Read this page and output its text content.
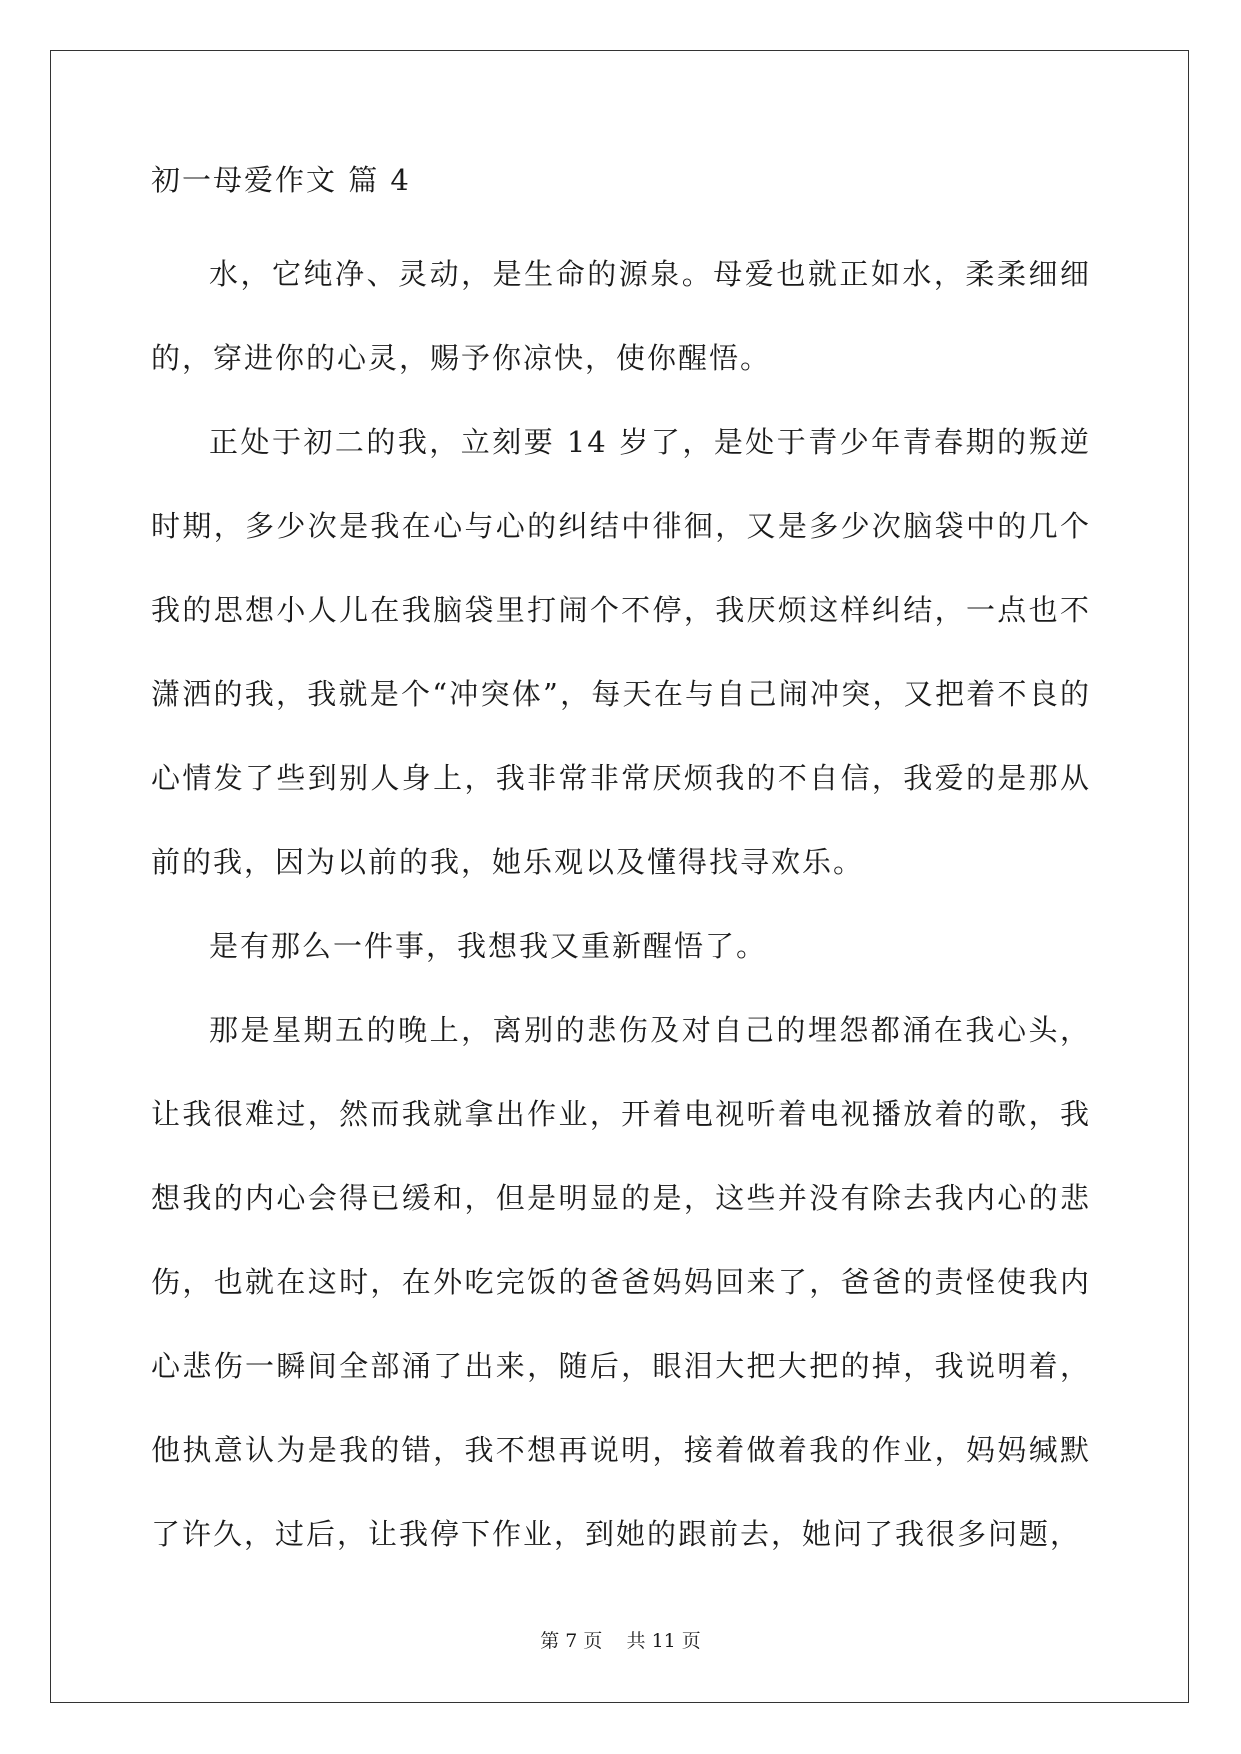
初一母爱作文 篇 4

水，它纯净、灵动，是生命的源泉。母爱也就正如水，柔柔细细的，穿进你的心灵，赐予你凉快，使你醒悟。

正处于初二的我，立刻要 14 岁了，是处于青少年青春期的叛逆时期，多少次是我在心与心的纠结中徘徊，又是多少次脑袋中的几个我的思想小人儿在我脑袋里打闹个不停，我厌烦这样纠结，一点也不潇洒的我，我就是个“冲突体”，每天在与自己闹冲突，又把着不良的心情发了些到别人身上，我非常非常厌烦我的不自信，我爱的是那从前的我，因为以前的我，她乐观以及懂得找寻欢乐。

是有那么一件事，我想我又重新醒悟了。

那是星期五的晚上，离别的悲伤及对自己的埋怨都涌在我心头，让我很难过，然而我就拿出作业，开着电视听着电视播放着的歌，我想我的内心会得已缓和，但是明显的是，这些并没有除去我内心的悲伤，也就在这时，在外吃完饭的爸爸妈妈回来了，爸爸的责怪使我内心悲伤一瞬间全部涌了出来，随后，眼泪大把大把的掉，我说明着，他执意认为是我的错，我不想再说明，接着做着我的作业，妈妈缄默了许久，过后，让我停下作业，到她的跟前去，她问了我很多问题，

第 7 页    共 11 页
